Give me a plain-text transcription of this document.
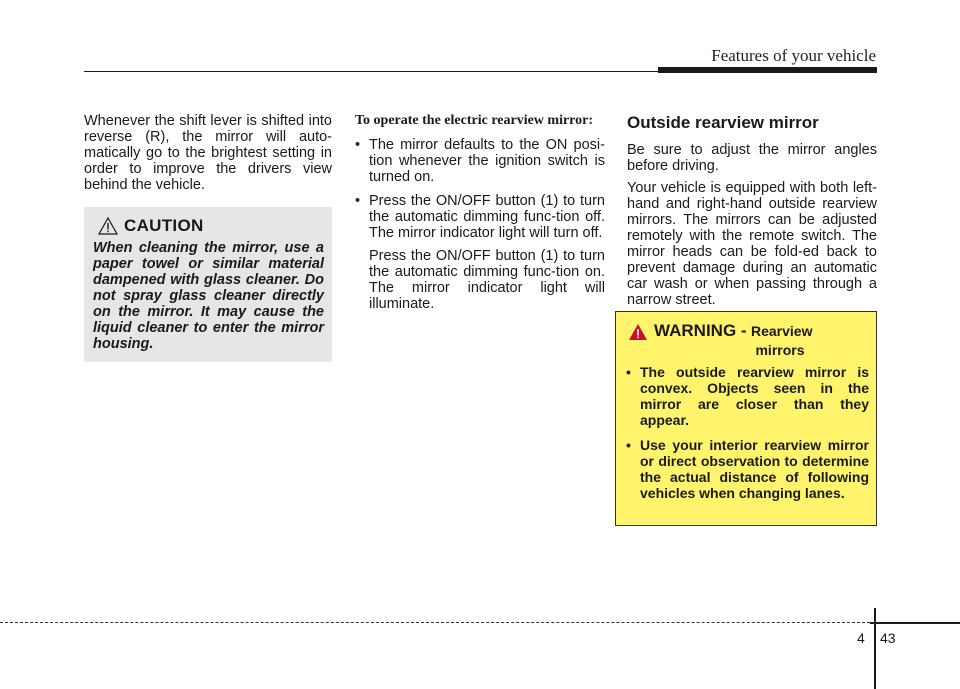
Features of your vehicle

Whenever the shift lever is shifted into reverse (R), the mirror will auto-matically go to the brightest setting in order to improve the drivers view behind the vehicle.

CAUTION

When cleaning the mirror, use a paper towel or similar material dampened with glass cleaner. Do not spray glass cleaner directly on the mirror. It may cause the liquid cleaner to enter the mirror housing.

To operate the electric rearview mirror:

• The mirror defaults to the ON posi-tion whenever the ignition switch is turned on.

• Press the ON/OFF button (1) to turn the automatic dimming func-tion off. The mirror indicator light will turn off.

Press the ON/OFF button (1) to turn the automatic dimming func-tion on. The mirror indicator light will illuminate.

Outside rearview mirror

Be sure to adjust the mirror angles before driving.

Your vehicle is equipped with both left-hand and right-hand outside rearview mirrors. The mirrors can be adjusted remotely with the remote switch. The mirror heads can be fold-ed back to prevent damage during an automatic car wash or when passing through a narrow street.

WARNING - Rearview
mirrors
• The outside rearview mirror is convex. Objects seen in the mirror are closer than they appear.
• Use your interior rearview mirror or direct observation to determine the actual distance of following vehicles when changing lanes.
4 43
